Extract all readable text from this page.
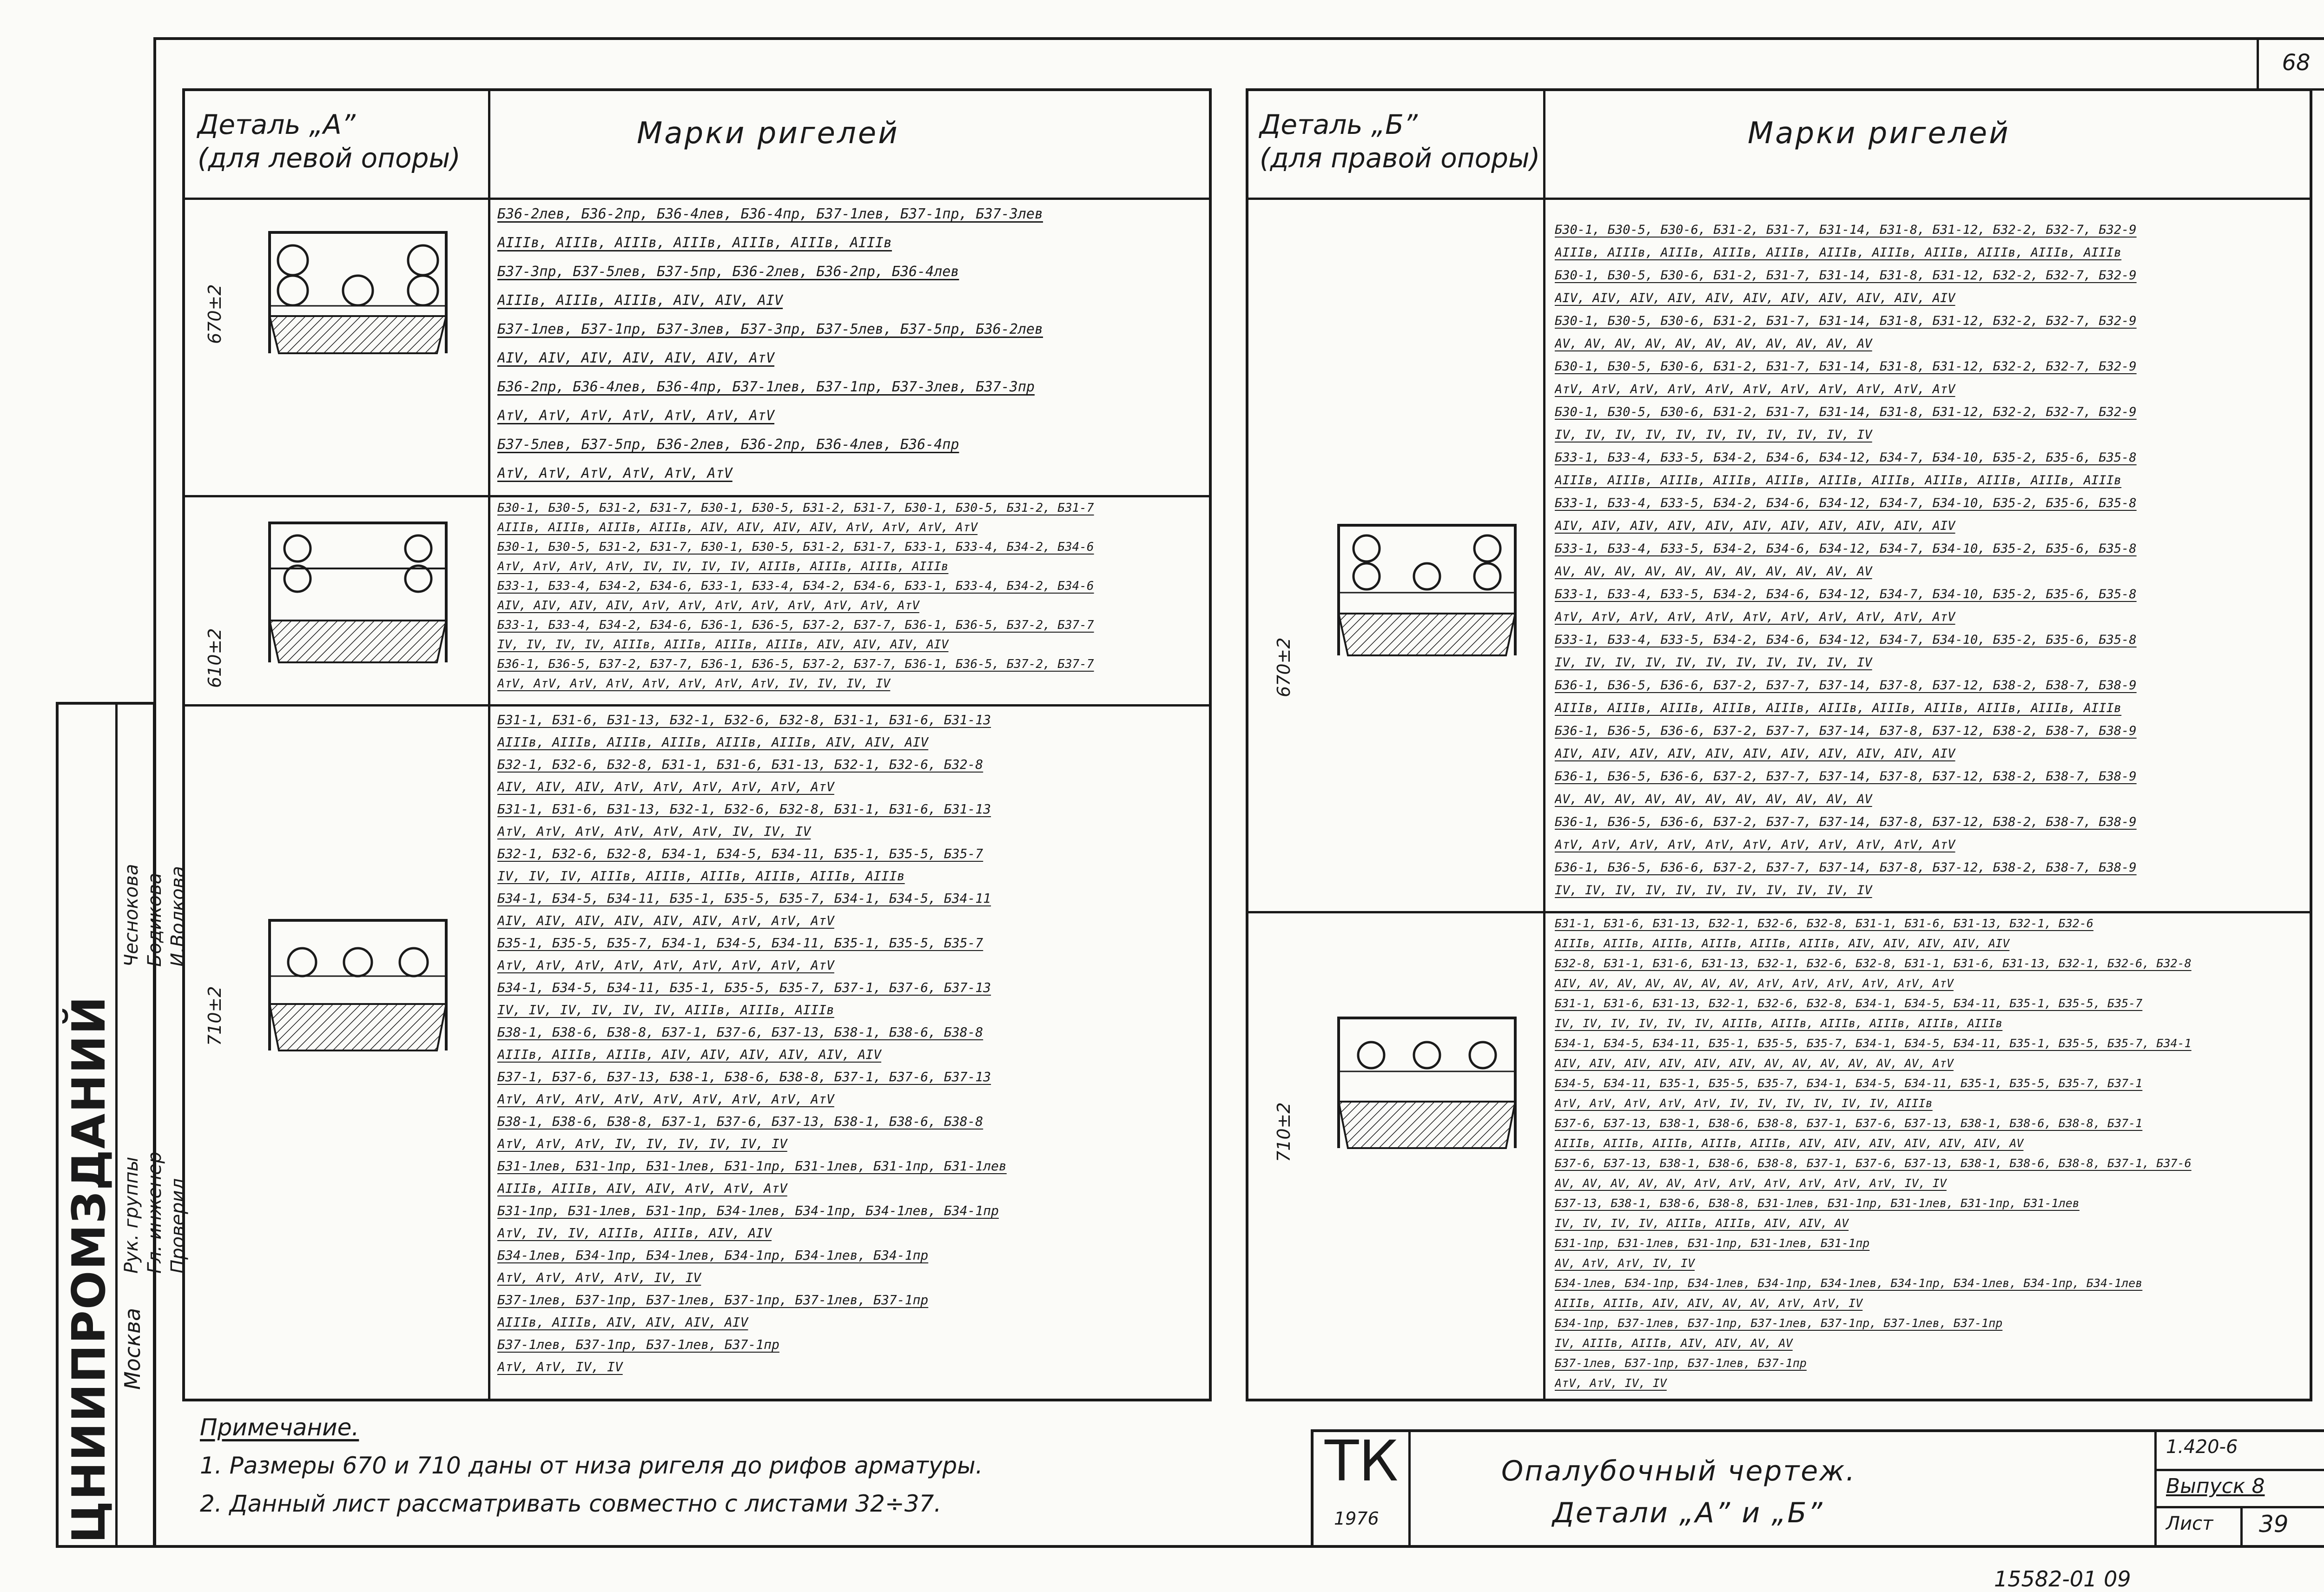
68
Деталь „А”
(для левой опоры)
Марки ригелей
670±2
610±2
710±2
Б36-2лев, Б36-2пр, Б36-4лев, Б36-4пр, Б37-1лев, Б37-1пр, Б37-3лев
АIIIв, АIIIв, АIIIв, АIIIв, АIIIв, АIIIв, АIIIв
Б37-3пр, Б37-5лев, Б37-5пр, Б36-2лев, Б36-2пр, Б36-4лев
АIIIв, АIIIв, АIIIв, АIV, АIV, АIV
Б37-1лев, Б37-1пр, Б37-3лев, Б37-3пр, Б37-5лев, Б37-5пр, Б36-2лев
АIV, АIV, АIV, АIV, АIV, АIV, АтV
Б36-2пр, Б36-4лев, Б36-4пр, Б37-1лев, Б37-1пр, Б37-3лев, Б37-3пр
АтV, АтV, АтV, АтV, АтV, АтV, АтV
Б37-5лев, Б37-5пр, Б36-2лев, Б36-2пр, Б36-4лев, Б36-4пр
АтV, АтV, АтV, АтV, АтV, АтV
Б30-1, Б30-5, Б31-2, Б31-7, Б30-1, Б30-5, Б31-2, Б31-7, Б30-1, Б30-5, Б31-2, Б31-7
АIIIв, АIIIв, АIIIв, АIIIв, АIV, АIV, АIV, АIV, АтV, АтV, АтV, АтV
Б30-1, Б30-5, Б31-2, Б31-7, Б30-1, Б30-5, Б31-2, Б31-7, Б33-1, Б33-4, Б34-2, Б34-6
АтV, АтV, АтV, АтV, IV, IV, IV, IV, АIIIв, АIIIв, АIIIв, АIIIв
Б33-1, Б33-4, Б34-2, Б34-6, Б33-1, Б33-4, Б34-2, Б34-6, Б33-1, Б33-4, Б34-2, Б34-6
АIV, АIV, АIV, АIV, АтV, АтV, АтV, АтV, АтV, АтV, АтV, АтV
Б33-1, Б33-4, Б34-2, Б34-6, Б36-1, Б36-5, Б37-2, Б37-7, Б36-1, Б36-5, Б37-2, Б37-7
IV, IV, IV, IV, АIIIв, АIIIв, АIIIв, АIIIв, АIV, АIV, АIV, АIV
Б36-1, Б36-5, Б37-2, Б37-7, Б36-1, Б36-5, Б37-2, Б37-7, Б36-1, Б36-5, Б37-2, Б37-7
АтV, АтV, АтV, АтV, АтV, АтV, АтV, АтV, IV, IV, IV, IV
Б31-1, Б31-6, Б31-13, Б32-1, Б32-6, Б32-8, Б31-1, Б31-6, Б31-13
АIIIв, АIIIв, АIIIв, АIIIв, АIIIв, АIIIв, АIV, АIV, АIV
Б32-1, Б32-6, Б32-8, Б31-1, Б31-6, Б31-13, Б32-1, Б32-6, Б32-8
АIV, АIV, АIV, АтV, АтV, АтV, АтV, АтV, АтV
Б31-1, Б31-6, Б31-13, Б32-1, Б32-6, Б32-8, Б31-1, Б31-6, Б31-13
АтV, АтV, АтV, АтV, АтV, АтV, IV, IV, IV
Б32-1, Б32-6, Б32-8, Б34-1, Б34-5, Б34-11, Б35-1, Б35-5, Б35-7
IV, IV, IV, АIIIв, АIIIв, АIIIв, АIIIв, АIIIв, АIIIв
Б34-1, Б34-5, Б34-11, Б35-1, Б35-5, Б35-7, Б34-1, Б34-5, Б34-11
АIV, АIV, АIV, АIV, АIV, АIV, АтV, АтV, АтV
Б35-1, Б35-5, Б35-7, Б34-1, Б34-5, Б34-11, Б35-1, Б35-5, Б35-7
АтV, АтV, АтV, АтV, АтV, АтV, АтV, АтV, АтV
Б34-1, Б34-5, Б34-11, Б35-1, Б35-5, Б35-7, Б37-1, Б37-6, Б37-13
IV, IV, IV, IV, IV, IV, АIIIв, АIIIв, АIIIв
Б38-1, Б38-6, Б38-8, Б37-1, Б37-6, Б37-13, Б38-1, Б38-6, Б38-8
АIIIв, АIIIв, АIIIв, АIV, АIV, АIV, АIV, АIV, АIV
Б37-1, Б37-6, Б37-13, Б38-1, Б38-6, Б38-8, Б37-1, Б37-6, Б37-13
АтV, АтV, АтV, АтV, АтV, АтV, АтV, АтV, АтV
Б38-1, Б38-6, Б38-8, Б37-1, Б37-6, Б37-13, Б38-1, Б38-6, Б38-8
АтV, АтV, АтV, IV, IV, IV, IV, IV, IV
Б31-1лев, Б31-1пр, Б31-1лев, Б31-1пр, Б31-1лев, Б31-1пр, Б31-1лев
АIIIв, АIIIв, АIV, АIV, АтV, АтV, АтV
Б31-1пр, Б31-1лев, Б31-1пр, Б34-1лев, Б34-1пр, Б34-1лев, Б34-1пр
АтV, IV, IV, АIIIв, АIIIв, АIV, АIV
Б34-1лев, Б34-1пр, Б34-1лев, Б34-1пр, Б34-1лев, Б34-1пр
АтV, АтV, АтV, АтV, IV, IV
Б37-1лев, Б37-1пр, Б37-1лев, Б37-1пр, Б37-1лев, Б37-1пр
АIIIв, АIIIв, АIV, АIV, АIV, АIV
Б37-1лев, Б37-1пр, Б37-1лев, Б37-1пр
АтV, АтV, IV, IV
Деталь „Б”
(для правой опоры)
Марки ригелей
670±2
710±2
Б30-1, Б30-5, Б30-6, Б31-2, Б31-7, Б31-14, Б31-8, Б31-12, Б32-2, Б32-7, Б32-9
АIIIв, АIIIв, АIIIв, АIIIв, АIIIв, АIIIв, АIIIв, АIIIв, АIIIв, АIIIв, АIIIв
Б30-1, Б30-5, Б30-6, Б31-2, Б31-7, Б31-14, Б31-8, Б31-12, Б32-2, Б32-7, Б32-9
АIV, АIV, АIV, АIV, АIV, АIV, АIV, АIV, АIV, АIV, АIV
Б30-1, Б30-5, Б30-6, Б31-2, Б31-7, Б31-14, Б31-8, Б31-12, Б32-2, Б32-7, Б32-9
АV, АV, АV, АV, АV, АV, АV, АV, АV, АV, АV
Б30-1, Б30-5, Б30-6, Б31-2, Б31-7, Б31-14, Б31-8, Б31-12, Б32-2, Б32-7, Б32-9
АтV, АтV, АтV, АтV, АтV, АтV, АтV, АтV, АтV, АтV, АтV
Б30-1, Б30-5, Б30-6, Б31-2, Б31-7, Б31-14, Б31-8, Б31-12, Б32-2, Б32-7, Б32-9
IV, IV, IV, IV, IV, IV, IV, IV, IV, IV, IV
Б33-1, Б33-4, Б33-5, Б34-2, Б34-6, Б34-12, Б34-7, Б34-10, Б35-2, Б35-6, Б35-8
АIIIв, АIIIв, АIIIв, АIIIв, АIIIв, АIIIв, АIIIв, АIIIв, АIIIв, АIIIв, АIIIв
Б33-1, Б33-4, Б33-5, Б34-2, Б34-6, Б34-12, Б34-7, Б34-10, Б35-2, Б35-6, Б35-8
АIV, АIV, АIV, АIV, АIV, АIV, АIV, АIV, АIV, АIV, АIV
Б33-1, Б33-4, Б33-5, Б34-2, Б34-6, Б34-12, Б34-7, Б34-10, Б35-2, Б35-6, Б35-8
АV, АV, АV, АV, АV, АV, АV, АV, АV, АV, АV
Б33-1, Б33-4, Б33-5, Б34-2, Б34-6, Б34-12, Б34-7, Б34-10, Б35-2, Б35-6, Б35-8
АтV, АтV, АтV, АтV, АтV, АтV, АтV, АтV, АтV, АтV, АтV
Б33-1, Б33-4, Б33-5, Б34-2, Б34-6, Б34-12, Б34-7, Б34-10, Б35-2, Б35-6, Б35-8
IV, IV, IV, IV, IV, IV, IV, IV, IV, IV, IV
Б36-1, Б36-5, Б36-6, Б37-2, Б37-7, Б37-14, Б37-8, Б37-12, Б38-2, Б38-7, Б38-9
АIIIв, АIIIв, АIIIв, АIIIв, АIIIв, АIIIв, АIIIв, АIIIв, АIIIв, АIIIв, АIIIв
Б36-1, Б36-5, Б36-6, Б37-2, Б37-7, Б37-14, Б37-8, Б37-12, Б38-2, Б38-7, Б38-9
АIV, АIV, АIV, АIV, АIV, АIV, АIV, АIV, АIV, АIV, АIV
Б36-1, Б36-5, Б36-6, Б37-2, Б37-7, Б37-14, Б37-8, Б37-12, Б38-2, Б38-7, Б38-9
АV, АV, АV, АV, АV, АV, АV, АV, АV, АV, АV
Б36-1, Б36-5, Б36-6, Б37-2, Б37-7, Б37-14, Б37-8, Б37-12, Б38-2, Б38-7, Б38-9
АтV, АтV, АтV, АтV, АтV, АтV, АтV, АтV, АтV, АтV, АтV
Б36-1, Б36-5, Б36-6, Б37-2, Б37-7, Б37-14, Б37-8, Б37-12, Б38-2, Б38-7, Б38-9
IV, IV, IV, IV, IV, IV, IV, IV, IV, IV, IV
Б31-1, Б31-6, Б31-13, Б32-1, Б32-6, Б32-8, Б31-1, Б31-6, Б31-13, Б32-1, Б32-6
АIIIв, АIIIв, АIIIв, АIIIв, АIIIв, АIIIв, АIV, АIV, АIV, АIV, АIV
Б32-8, Б31-1, Б31-6, Б31-13, Б32-1, Б32-6, Б32-8, Б31-1, Б31-6, Б31-13, Б32-1, Б32-6, Б32-8
АIV, АV, АV, АV, АV, АV, АV, АтV, АтV, АтV, АтV, АтV, АтV
Б31-1, Б31-6, Б31-13, Б32-1, Б32-6, Б32-8, Б34-1, Б34-5, Б34-11, Б35-1, Б35-5, Б35-7
IV, IV, IV, IV, IV, IV, АIIIв, АIIIв, АIIIв, АIIIв, АIIIв, АIIIв
Б34-1, Б34-5, Б34-11, Б35-1, Б35-5, Б35-7, Б34-1, Б34-5, Б34-11, Б35-1, Б35-5, Б35-7, Б34-1
АIV, АIV, АIV, АIV, АIV, АIV, АV, АV, АV, АV, АV, АV, АтV
Б34-5, Б34-11, Б35-1, Б35-5, Б35-7, Б34-1, Б34-5, Б34-11, Б35-1, Б35-5, Б35-7, Б37-1
АтV, АтV, АтV, АтV, АтV, IV, IV, IV, IV, IV, IV, АIIIв
Б37-6, Б37-13, Б38-1, Б38-6, Б38-8, Б37-1, Б37-6, Б37-13, Б38-1, Б38-6, Б38-8, Б37-1
АIIIв, АIIIв, АIIIв, АIIIв, АIIIв, АIV, АIV, АIV, АIV, АIV, АIV, АV
Б37-6, Б37-13, Б38-1, Б38-6, Б38-8, Б37-1, Б37-6, Б37-13, Б38-1, Б38-6, Б38-8, Б37-1, Б37-6
АV, АV, АV, АV, АV, АтV, АтV, АтV, АтV, АтV, АтV, IV, IV
Б37-13, Б38-1, Б38-6, Б38-8, Б31-1лев, Б31-1пр, Б31-1лев, Б31-1пр, Б31-1лев
IV, IV, IV, IV, АIIIв, АIIIв, АIV, АIV, АV
Б31-1пр, Б31-1лев, Б31-1пр, Б31-1лев, Б31-1пр
АV, АтV, АтV, IV, IV
Б34-1лев, Б34-1пр, Б34-1лев, Б34-1пр, Б34-1лев, Б34-1пр, Б34-1лев, Б34-1пр, Б34-1лев
АIIIв, АIIIв, АIV, АIV, АV, АV, АтV, АтV, IV
Б34-1пр, Б37-1лев, Б37-1пр, Б37-1лев, Б37-1пр, Б37-1лев, Б37-1пр
IV, АIIIв, АIIIв, АIV, АIV, АV, АV
Б37-1лев, Б37-1пр, Б37-1лев, Б37-1пр
АтV, АтV, IV, IV
Примечание.
1. Размеры 670 и 710 даны от низа ригеля до рифов арматуры.
2. Данный лист рассматривать совместно с листами 32÷37.
ЦНИИПРОМЗДАНИЙ Москва
Рук. группы Гл. инженер Проверил
Чеснокова Бодикова И.Волкова
ТК
1976
Опалубочный чертеж.
Детали „А” и „Б”
1.420-6
Выпуск 8
Лист 39
15582-01 09
